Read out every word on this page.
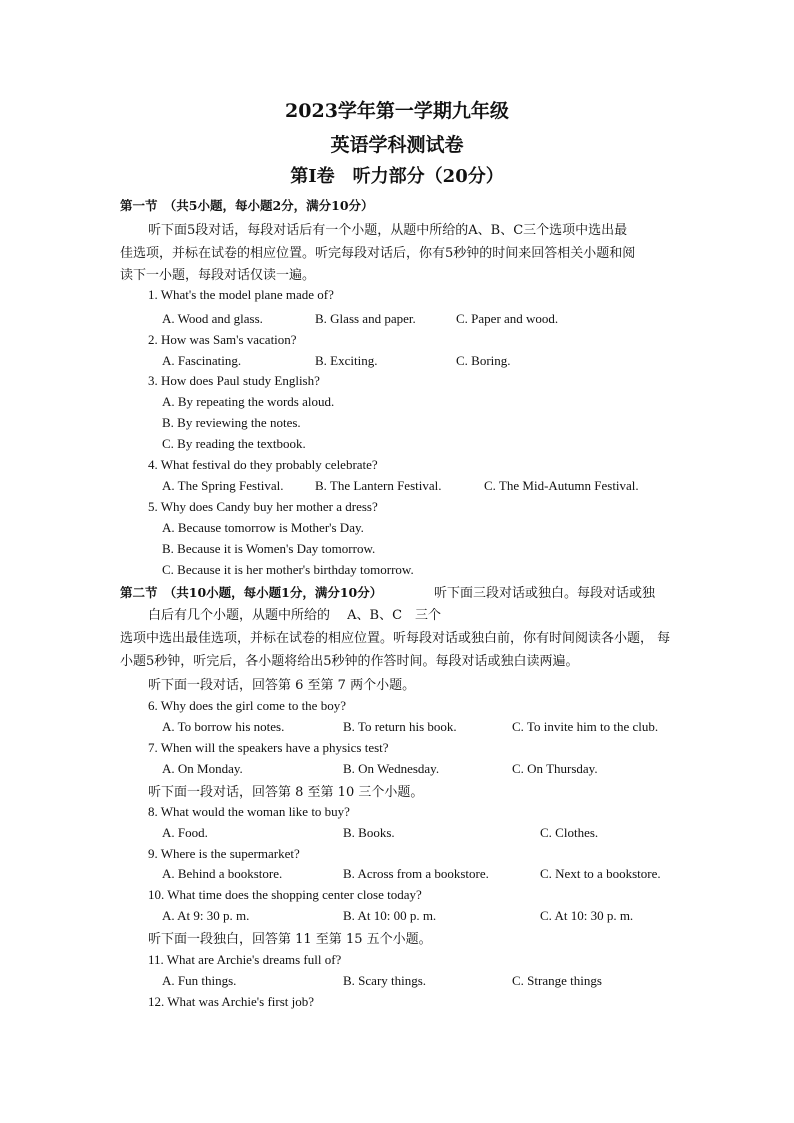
2023学年第一学期九年级
英语学科测试卷
第Ⅰ卷　听力部分（20分）
第一节　（共5小题，每小题2分，满分10分）
听下面5段对话，每段对话后有一个小题，从题中所给的A、B、C三个选项中选出最
佳选项，并标在试卷的相应位置。听完每段对话后，你有5秒钟的时间来回答相关小题和阅
读下一小题，每段对话仅读一遍。
1. What's the model plane made of?
A. Wood and glass.	B. Glass and paper.	C. Paper and wood.
2. How was Sam's vacation?
A. Fascinating.	B. Exciting.	C. Boring.
3. How does Paul study English?
A. By repeating the words aloud.
B. By reviewing the notes.
C. By reading the textbook.
4. What festival do they probably celebrate?
A. The Spring Festival. B. The Lantern Festival.	C. The Mid-Autumn Festival.
5. Why does Candy buy her mother a dress?
A. Because tomorrow is Mother's Day.
B. Because it is Women's Day tomorrow.
C. Because it is her mother's birthday tomorrow.
第二节　（共10小题，每小题1分，满分10分）	听下面三段对话或独白。每段对话或独
白后有几个小题，从题中所给的　 A、B、C　三个
选项中选出最佳选项，并标在试卷的相应位置。听每段对话或独白前，你有时间阅读各小题， 每
小题5秒钟，听完后，各小题将给出5秒钟的作答时间。每段对话或独白读两遍。
听下面一段对话，回答第 6 至第 7 两个小题。
6. Why does the girl come to the boy?
A. To borrow his notes.	B. To return his book.	C. To invite him to the club.
7. When will the speakers have a physics test?
A. On Monday.	B. On Wednesday.	C. On Thursday.
听下面一段对话，回答第 8 至第 10 三个小题。
8. What would the woman like to buy?
A. Food.	B. Books.	C. Clothes.
9. Where is the supermarket?
A. Behind a bookstore.	B. Across from a bookstore.	C. Next to a bookstore.
10. What time does the shopping center close today?
A. At 9: 30 p. m.	B. At 10: 00 p. m.	C. At 10: 30 p. m.
听下面一段独白，回答第 11 至第 15 五个小题。
11. What are Archie's dreams full of?
A. Fun things.	B. Scary things.	C. Strange things
12. What was Archie's first job?
